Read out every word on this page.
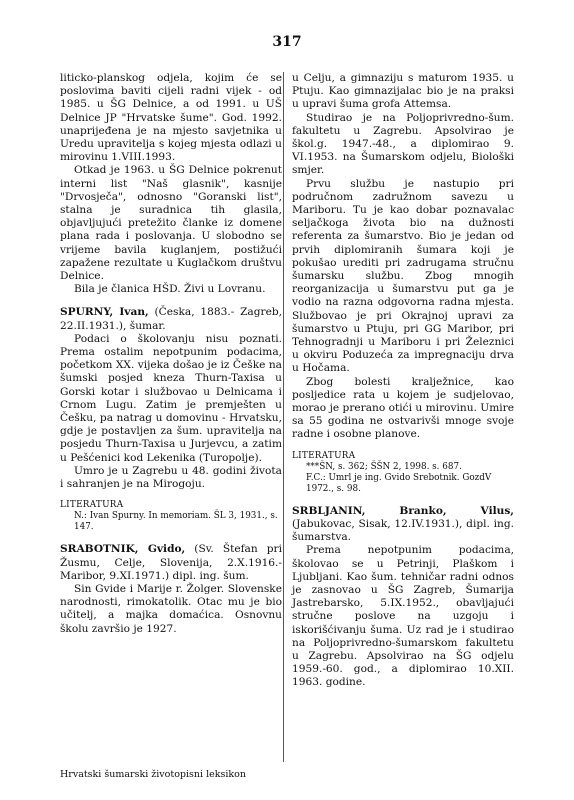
317

liticko-planskog odjela, kojim će se poslovima baviti cijeli radni vijek - od 1985. u ŠG Delnice, a od 1991. u UŠ Delnice JP "Hrvatske šume". God. 1992. unaprijeđena je na mjesto savjetnika u Uredu upravitelja s kojeg mjesta odlazi u mirovinu 1.VIII.1993.

Otkad je 1963. u ŠG Delnice pokrenut interni list "Naš glasnik", kasnije "Drvosječa", odnosno "Goranski list", stalna je suradnica tih glasila, objavljujući pretežito članke iz domene plana rada i poslovanja. U slobodno se vrijeme bavila kuglanjem, postižući zapažene rezultate u Kuglačkom društvu Delnice.

Bila je članica HŠD. Živi u Lovranu.

SPURNY, Ivan, (Česka, 1883.- Zagreb, 22.II.1931.), šumar.

Podaci o školovanju nisu poznati. Prema ostalim nepotpunim podacima, početkom XX. vijeka došao je iz Češke na šumski posjed kneza Thurn-Taxisa u Gorski kotar i službovao u Delnicama i Crnom Lugu. Zatim je premješten u Češku, pa natrag u domovinu - Hrvatsku, gdje je postavljen za šum. upravitelja na posjedu Thurn-Taxisa u Jurjevcu, a zatim u Pešćenici kod Lekenika (Turopolje).

Umro je u Zagrebu u 48. godini života i sahranjen je na Mirogoju.

LITERATURA
N.: Ivan Spurny. In memoriam. ŠL 3, 1931., s. 147.

SRABOTNIK, Gvido, (Sv. Štefan pri Žusmu, Celje, Slovenija, 2.X.1916.- Maribor, 9.XI.1971.) dipl. ing. šum.

Sin Gvide i Marije r. Žolger. Slovenske narodnosti, rimokatolik. Otac mu je bio učitelj, a majka domaćica. Osnovnu školu završio je 1927.

u Celju, a gimnaziju s maturom 1935. u Ptuju. Kao gimnazijalac bio je na praksi u upravi šuma grofa Attemsa.

Studirao je na Poljoprivredno-šum. fakultetu u Zagrebu. Apsolvirao je škol.g. 1947.-48., a diplomirao 9. VI.1953. na Šumarskom odjelu, Biološki smjer.

Prvu službu je nastupio pri područnom zadružnom savezu u Mariboru. Tu je kao dobar poznavalac seljačkoga života bio na dužnosti referenta za šumarstvo. Bio je jedan od prvih diplomiranih šumara koji je pokušao urediti pri zadrugama stručnu šumarsku službu. Zbog mnogih reorganizacija u šumarstvu put ga je vodio na razna odgovorna radna mjesta. Službovao je pri Okrajnoj upravi za šumarstvo u Ptuju, pri GG Maribor, pri Tehnogradnji u Mariboru i pri Železnici u okviru Poduzeća za impregnaciju drva u Hočama.

Zbog bolesti kralježnice, kao posljedice rata u kojem je sudjelovao, morao je prerano otići u mirovinu. Umire sa 55 godina ne ostvarivši mnoge svoje radne i osobne planove.

LITERATURA
***ŠN, s. 362; ŠŠN 2, 1998. s. 687.
F.C.: Umrl je ing. Gvido Srebotnik. GozdV 1972., s. 98.

SRBLJANIN, Branko, Vilus, (Jabukovac, Sisak, 12.IV.1931.), dipl. ing. šumarstva.

Prema nepotpunim podacima, školovao se u Petrinji, Plaškom i Ljubljani. Kao šum. tehničar radni odnos je zasnovao u ŠG Zagreb, Šumarija Jastrebarsko, 5.IX.1952., obavljajući stručne poslove na uzgoju i iskorišćivanju šuma. Uz rad je i studirao na Poljoprivredno-šumarskom fakultetu u Zagrebu. Apsolvirao na ŠG odjelu 1959.-60. god., a diplomirao 10.XII. 1963. godine.

Hrvatski šumarski životopisni leksikon
